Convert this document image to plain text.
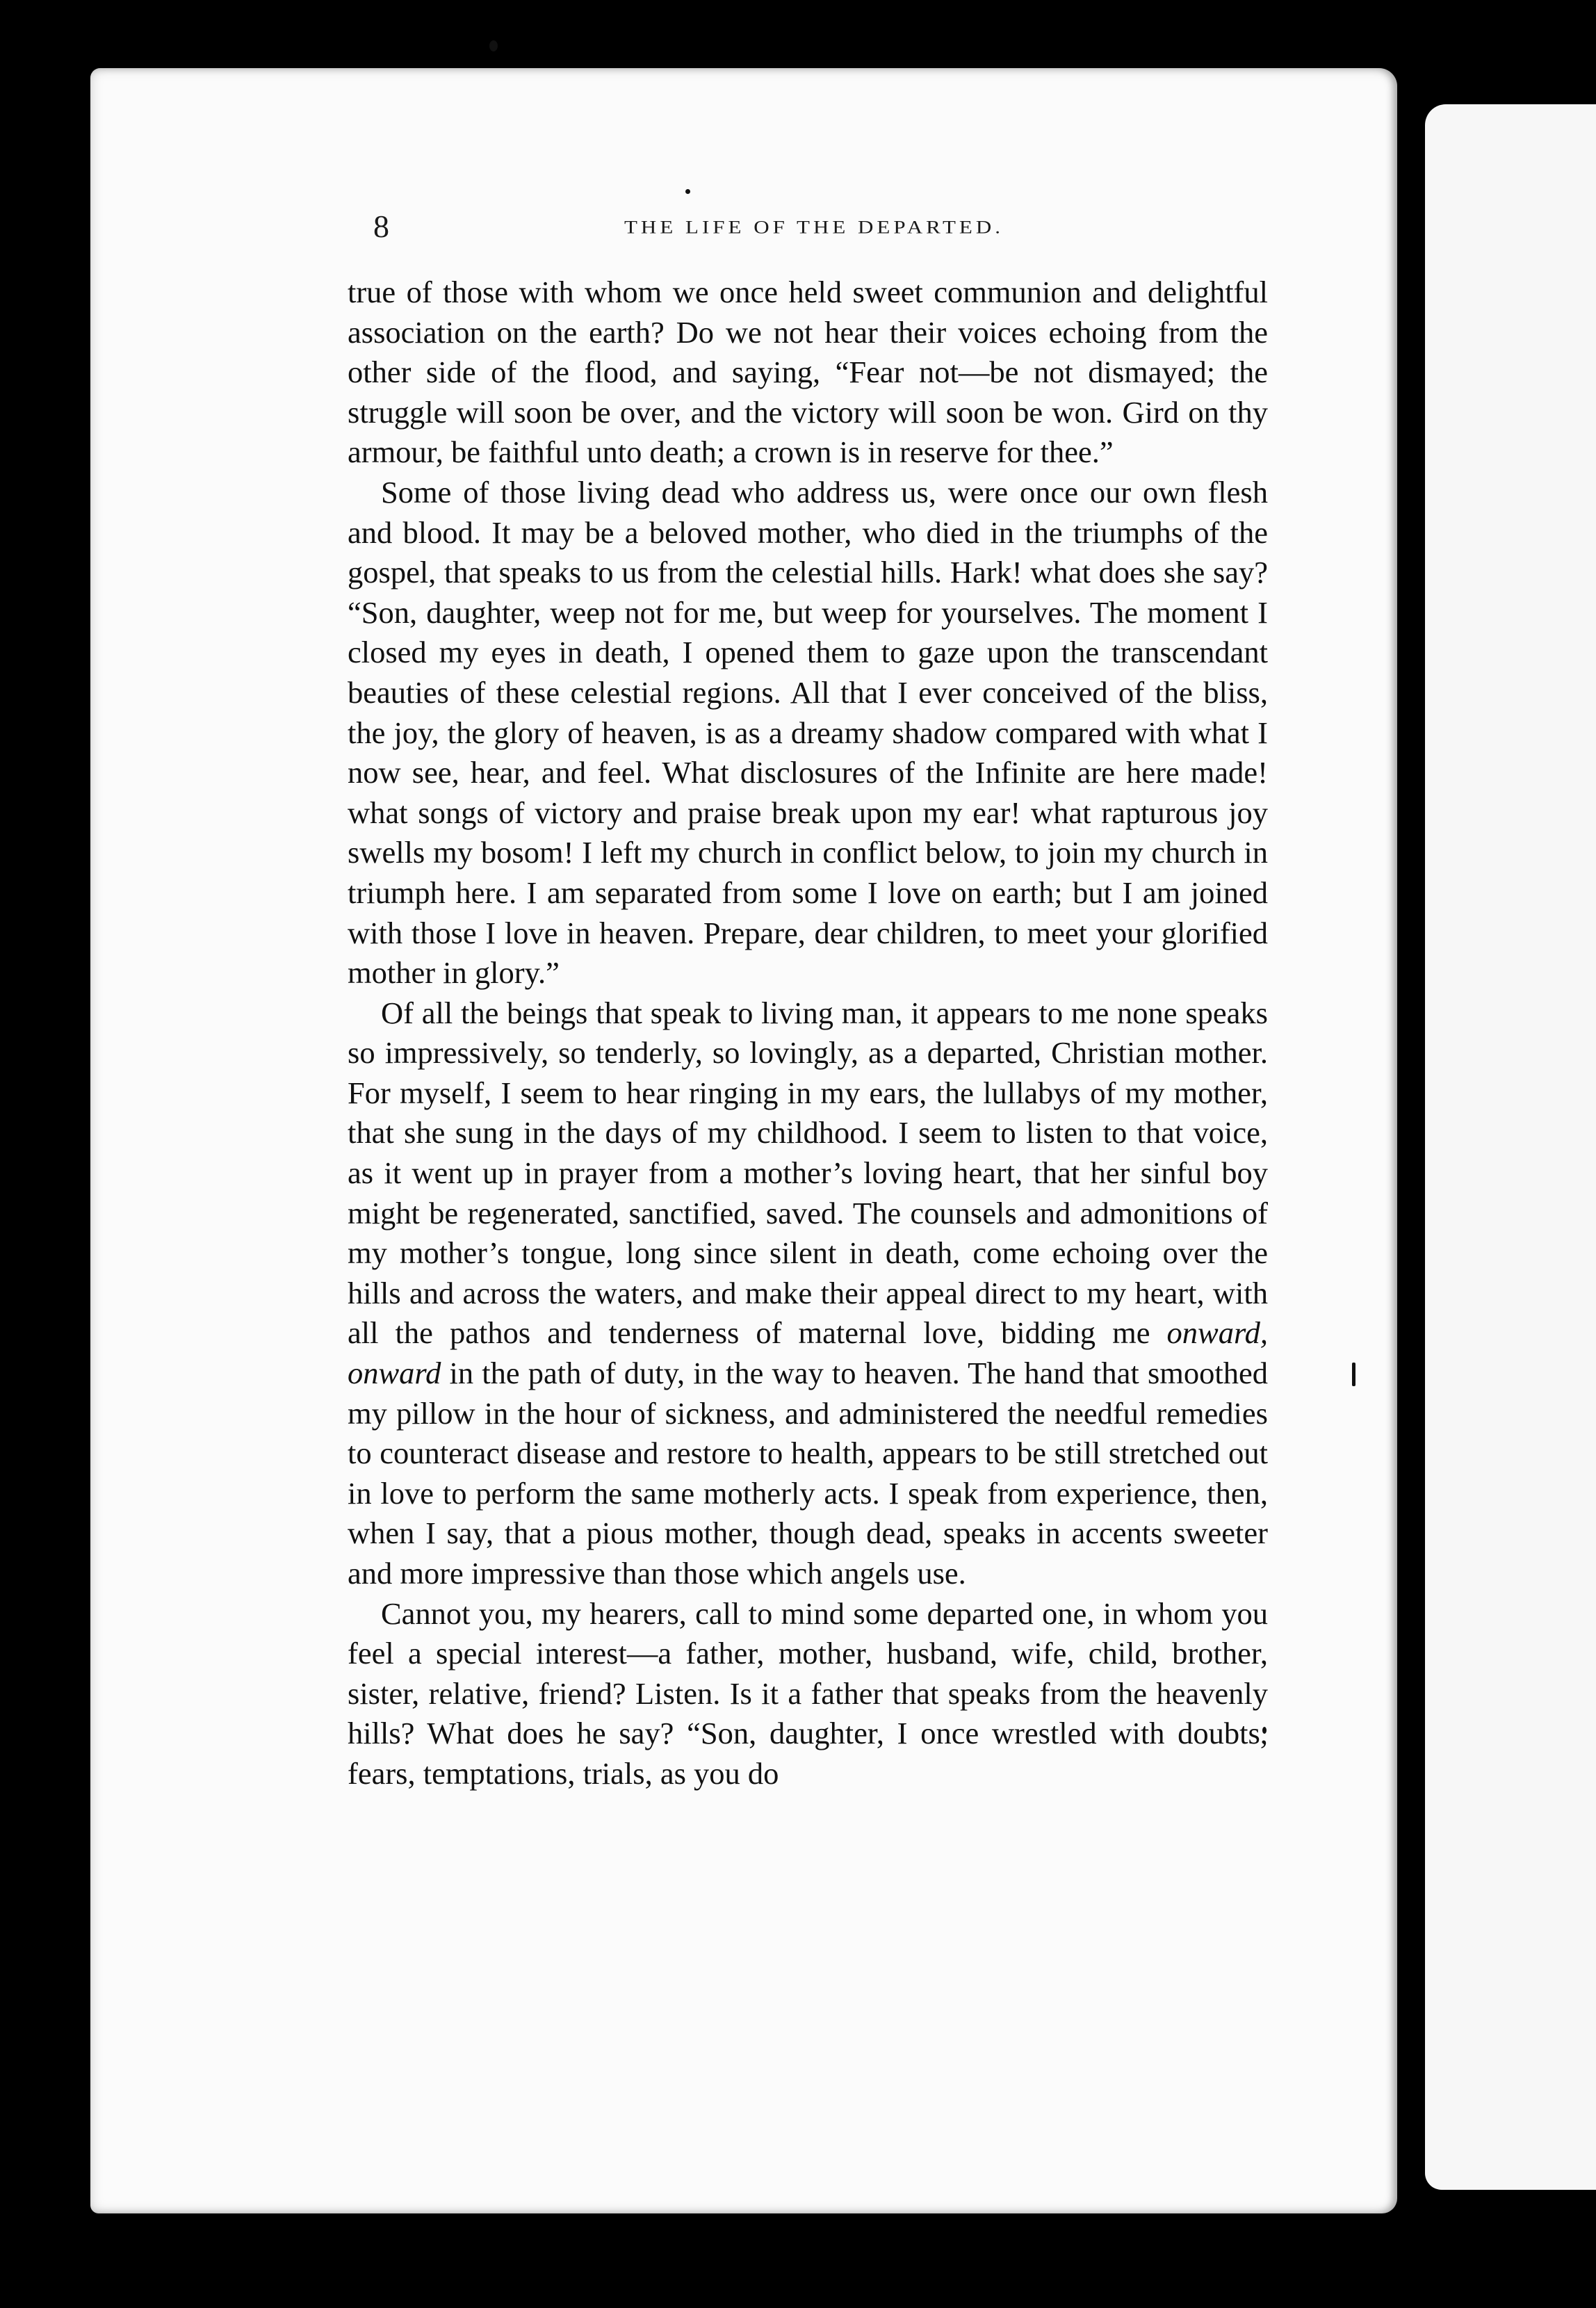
8	THE LIFE OF THE DEPARTED.

true of those with whom we once held sweet communion and delightful association on the earth? Do we not hear their voices echoing from the other side of the flood, and saying, “Fear not—be not dismayed; the struggle will soon be over, and the victory will soon be won. Gird on thy armour, be faithful unto death; a crown is in reserve for thee.”

Some of those living dead who address us, were once our own flesh and blood. It may be a beloved mother, who died in the triumphs of the gospel, that speaks to us from the celestial hills. Hark! what does she say? “Son, daughter, weep not for me, but weep for yourselves. The moment I closed my eyes in death, I opened them to gaze upon the transcendant beauties of these celestial regions. All that I ever conceived of the bliss, the joy, the glory of heaven, is as a dreamy shadow compared with what I now see, hear, and feel. What disclosures of the Infinite are here made! what songs of victory and praise break upon my ear! what rapturous joy swells my bosom! I left my church in conflict below, to join my church in triumph here. I am separated from some I love on earth; but I am joined with those I love in heaven. Prepare, dear children, to meet your glorified mother in glory.”

Of all the beings that speak to living man, it appears to me none speaks so impressively, so tenderly, so lovingly, as a departed, Christian mother. For myself, I seem to hear ringing in my ears, the lullabys of my mother, that she sung in the days of my childhood. I seem to listen to that voice, as it went up in prayer from a mother’s loving heart, that her sinful boy might be regenerated, sanctified, saved. The counsels and admonitions of my mother’s tongue, long since silent in death, come echoing over the hills and across the waters, and make their appeal direct to my heart, with all the pathos and tenderness of maternal love, bidding me onward, onward in the path of duty, in the way to heaven. The hand that smoothed my pillow in the hour of sickness, and administered the needful remedies to counteract disease and restore to health, appears to be still stretched out in love to perform the same motherly acts. I speak from experience, then, when I say, that a pious mother, though dead, speaks in accents sweeter and more impressive than those which angels use.

Cannot you, my hearers, call to mind some departed one, in whom you feel a special interest—a father, mother, husband, wife, child, brother, sister, relative, friend? Listen. Is it a father that speaks from the heavenly hills? What does he say? “Son, daughter, I once wrestled with doubts, fears, temptations, trials, as you do
